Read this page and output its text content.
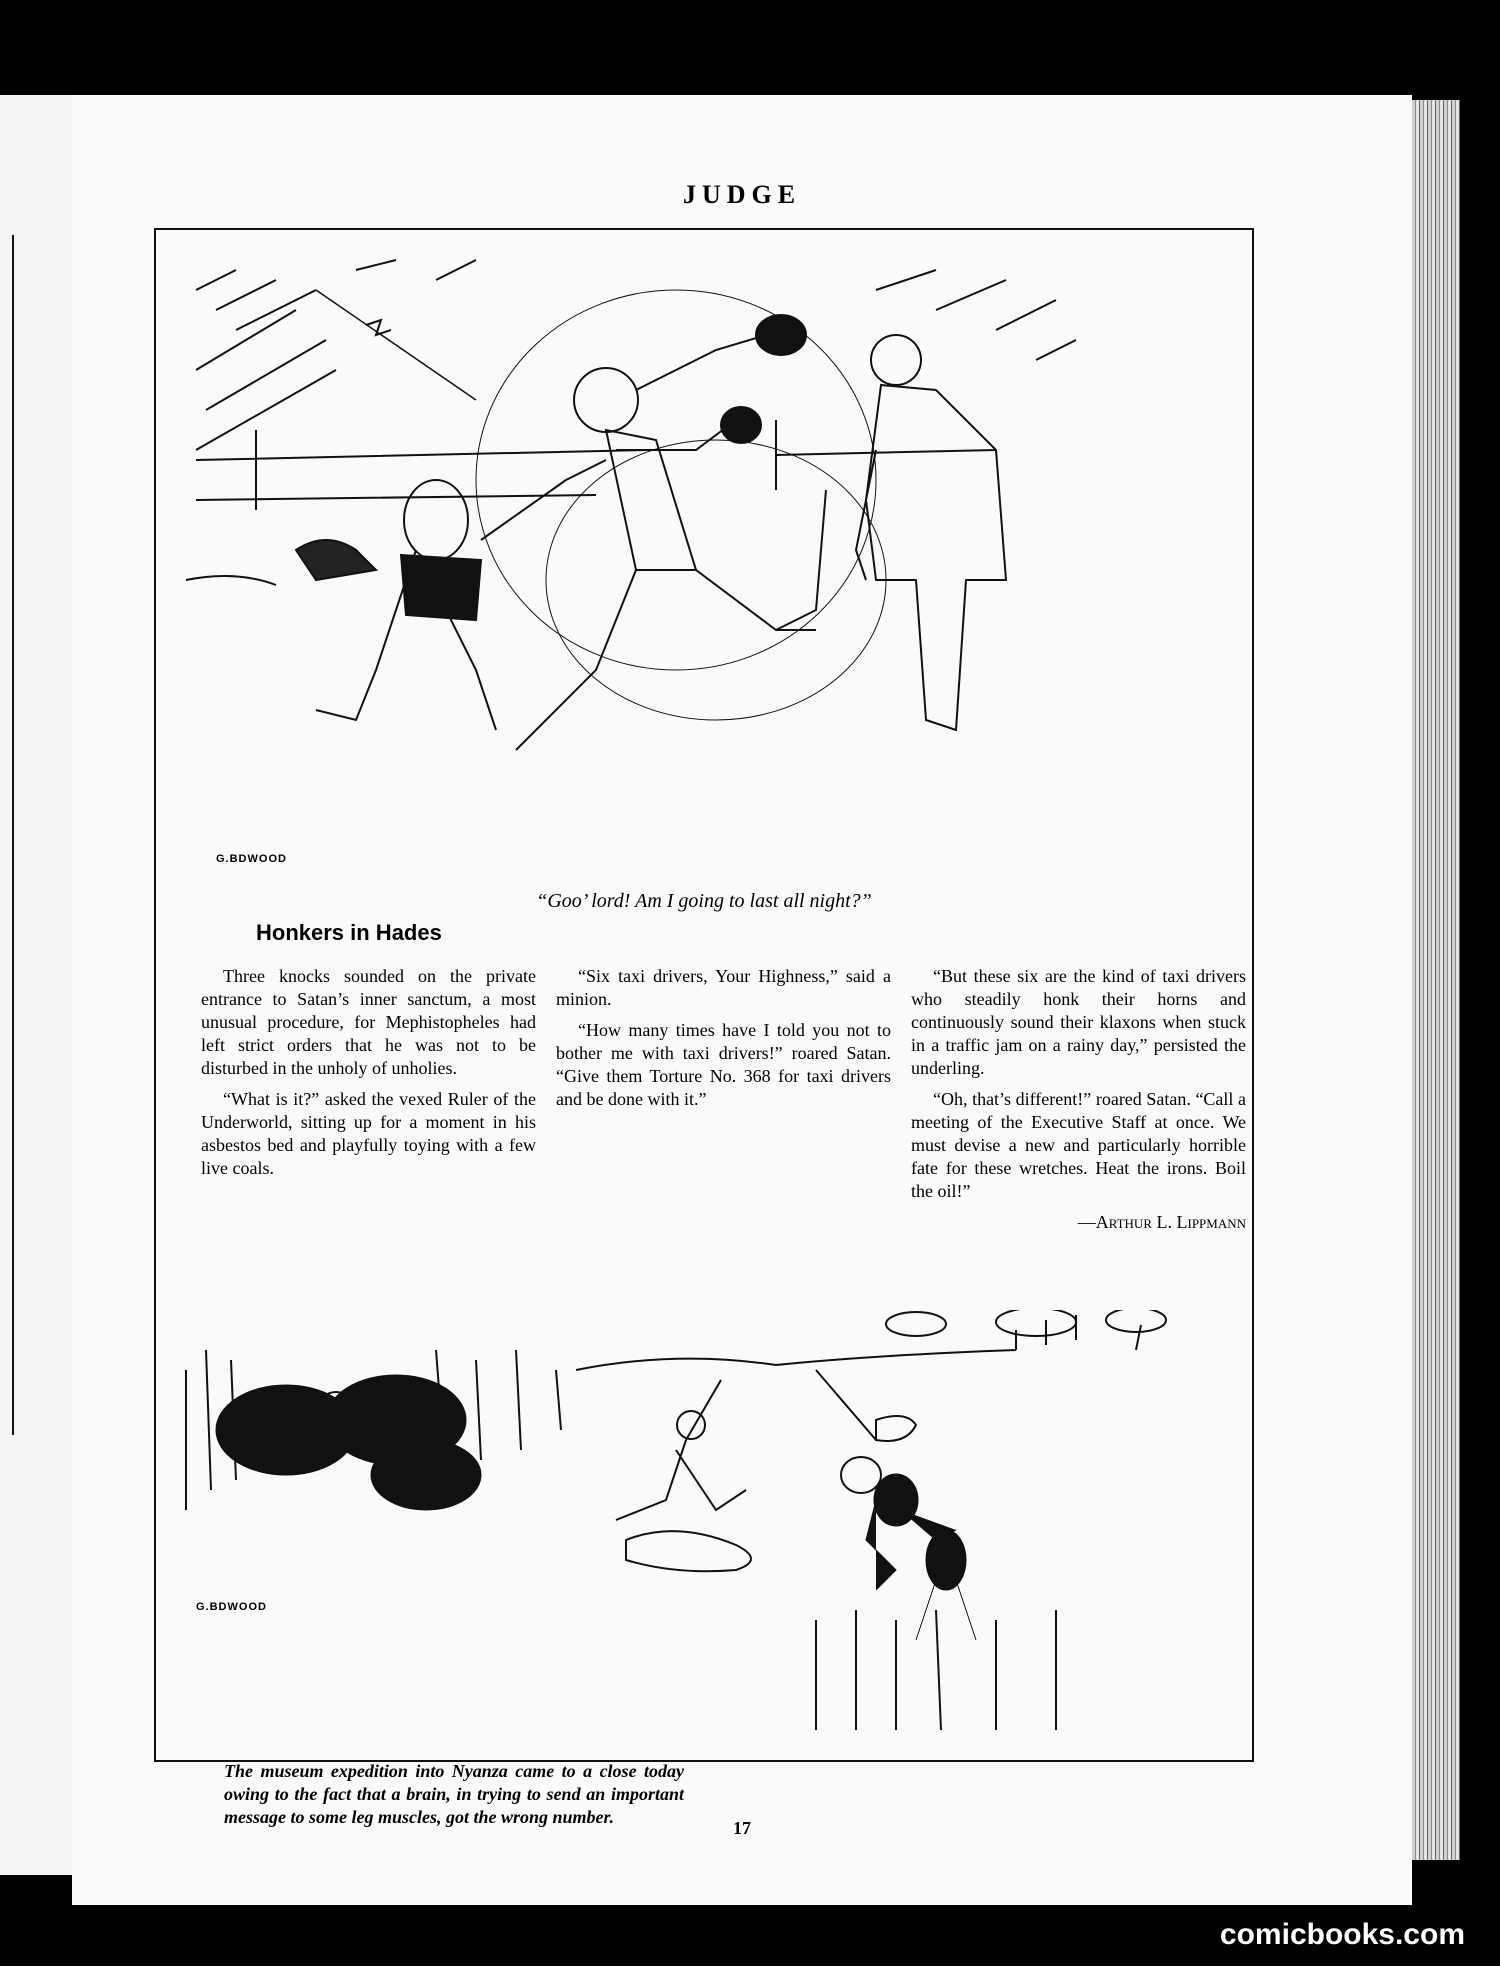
JUDGE
G.BDWOOD
“Goo’ lord! Am I going to last all night?”
Honkers in Hades

Three knocks sounded on the private entrance to Satan’s inner sanctum, a most unusual procedure, for Mephistopheles had left strict orders that he was not to be disturbed in the unholy of unholies.

“What is it?” asked the vexed Ruler of the Underworld, sitting up for a moment in his asbestos bed and playfully toying with a few live coals.

“Six taxi drivers, Your Highness,” said a minion.

“How many times have I told you not to bother me with taxi drivers!” roared Satan. “Give them Torture No. 368 for taxi drivers and be done with it.”

“But these six are the kind of taxi drivers who steadily honk their horns and continuously sound their klaxons when stuck in a traffic jam on a rainy day,” persisted the underling.

“Oh, that’s different!” roared Satan. “Call a meeting of the Executive Staff at once. We must devise a new and particularly horrible fate for these wretches. Heat the irons. Boil the oil!”

—Arthur L. Lippmann
G.BDWOOD
The museum expedition into Nyanza came to a close today owing to the fact that a brain, in trying to send an important message to some leg muscles, got the wrong number.
17
comicbooks.com
